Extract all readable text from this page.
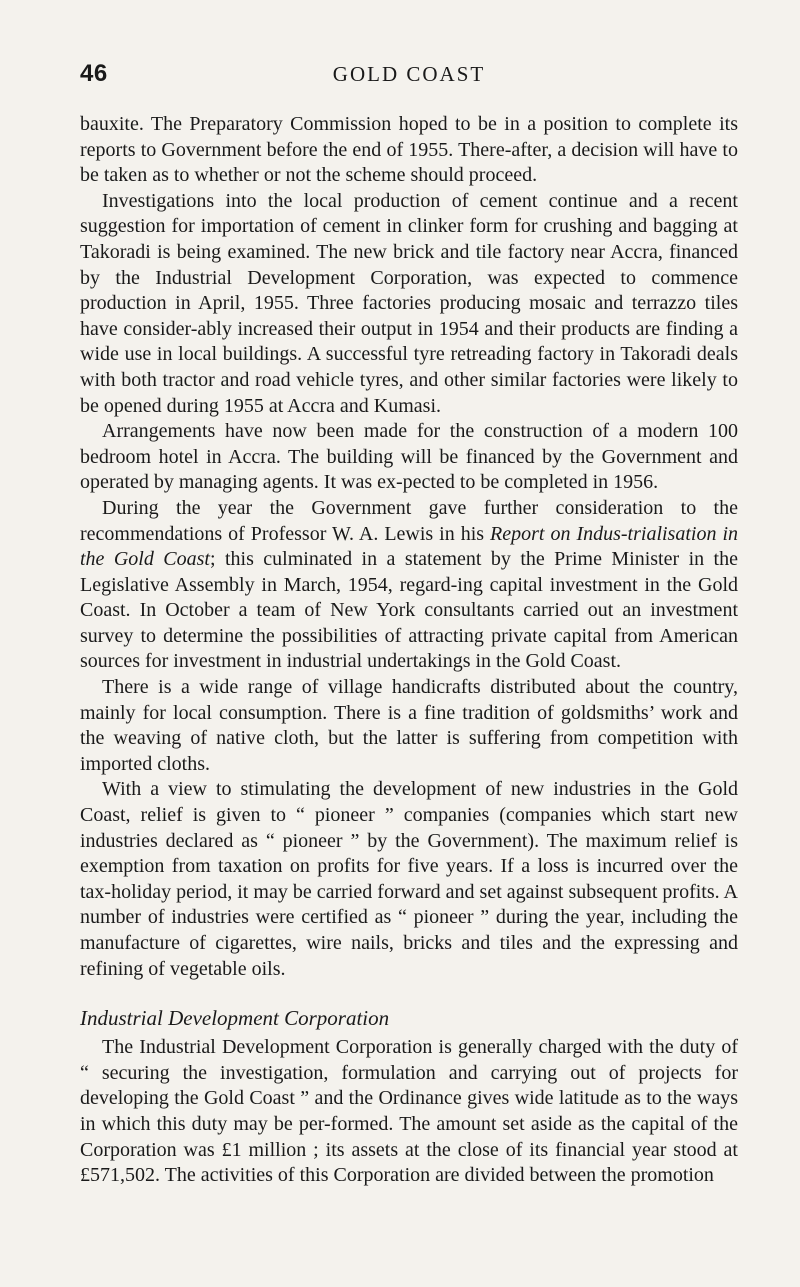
46	GOLD COAST

bauxite. The Preparatory Commission hoped to be in a position to complete its reports to Government before the end of 1955. There-after, a decision will have to be taken as to whether or not the scheme should proceed.

Investigations into the local production of cement continue and a recent suggestion for importation of cement in clinker form for crushing and bagging at Takoradi is being examined. The new brick and tile factory near Accra, financed by the Industrial Development Corporation, was expected to commence production in April, 1955. Three factories producing mosaic and terrazzo tiles have consider-ably increased their output in 1954 and their products are finding a wide use in local buildings. A successful tyre retreading factory in Takoradi deals with both tractor and road vehicle tyres, and other similar factories were likely to be opened during 1955 at Accra and Kumasi.

Arrangements have now been made for the construction of a modern 100 bedroom hotel in Accra. The building will be financed by the Government and operated by managing agents. It was ex-pected to be completed in 1956.

During the year the Government gave further consideration to the recommendations of Professor W. A. Lewis in his Report on Indus-trialisation in the Gold Coast; this culminated in a statement by the Prime Minister in the Legislative Assembly in March, 1954, regard-ing capital investment in the Gold Coast. In October a team of New York consultants carried out an investment survey to determine the possibilities of attracting private capital from American sources for investment in industrial undertakings in the Gold Coast.

There is a wide range of village handicrafts distributed about the country, mainly for local consumption. There is a fine tradition of goldsmiths’ work and the weaving of native cloth, but the latter is suffering from competition with imported cloths.

With a view to stimulating the development of new industries in the Gold Coast, relief is given to “ pioneer ” companies (companies which start new industries declared as “ pioneer ” by the Government). The maximum relief is exemption from taxation on profits for five years. If a loss is incurred over the tax-holiday period, it may be carried forward and set against subsequent profits. A number of industries were certified as “ pioneer ” during the year, including the manufacture of cigarettes, wire nails, bricks and tiles and the expressing and refining of vegetable oils.

Industrial Development Corporation

The Industrial Development Corporation is generally charged with the duty of “ securing the investigation, formulation and carrying out of projects for developing the Gold Coast ” and the Ordinance gives wide latitude as to the ways in which this duty may be per-formed. The amount set aside as the capital of the Corporation was £1 million ; its assets at the close of its financial year stood at £571,502. The activities of this Corporation are divided between the promotion
